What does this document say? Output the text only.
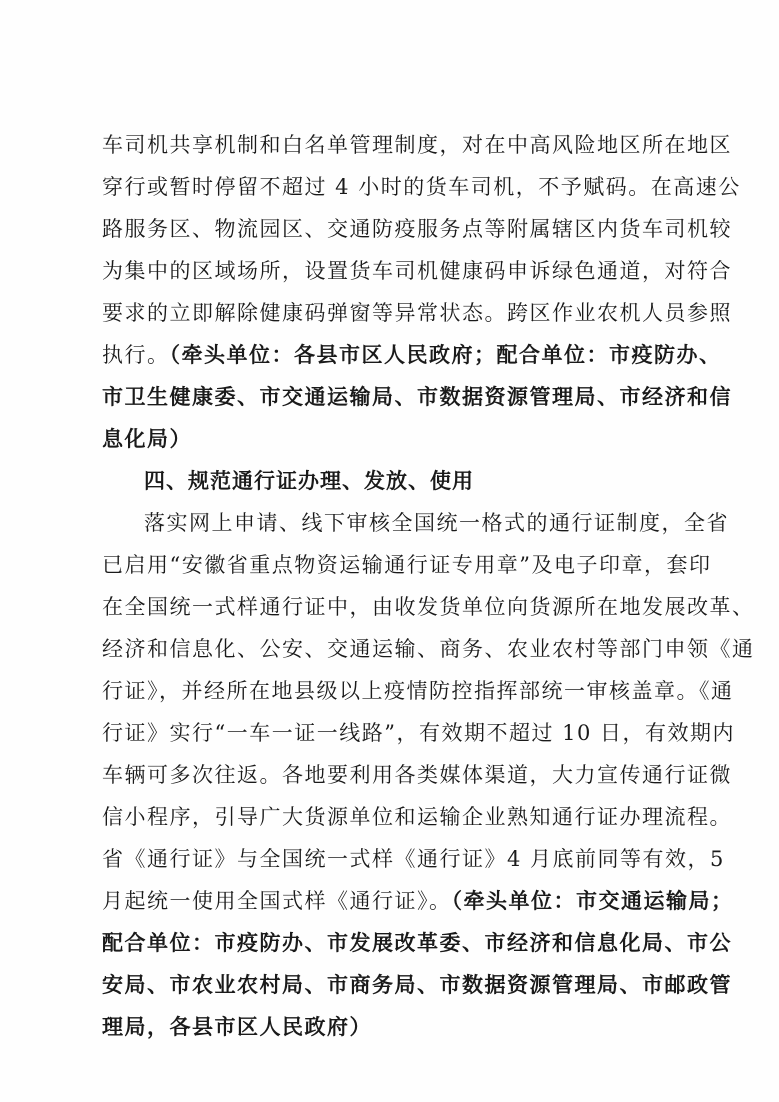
车司机共享机制和白名单管理制度，对在中高风险地区所在地区
穿行或暂时停留不超过 4 小时的货车司机，不予赋码。在高速公
路服务区、物流园区、交通防疫服务点等附属辖区内货车司机较
为集中的区域场所，设置货车司机健康码申诉绿色通道，对符合
要求的立即解除健康码弹窗等异常状态。跨区作业农机人员参照
执行。（牵头单位：各县市区人民政府；配合单位：市疫防办、
市卫生健康委、市交通运输局、市数据资源管理局、市经济和信
息化局）
四、规范通行证办理、发放、使用
落实网上申请、线下审核全国统一格式的通行证制度，全省
已启用“安徽省重点物资运输通行证专用章”及电子印章，套印
在全国统一式样通行证中，由收发货单位向货源所在地发展改革、
经济和信息化、公安、交通运输、商务、农业农村等部门申领《通
行证》，并经所在地县级以上疫情防控指挥部统一审核盖章。《通
行证》实行“一车一证一线路”，有效期不超过 10 日，有效期内
车辆可多次往返。各地要利用各类媒体渠道，大力宣传通行证微
信小程序，引导广大货源单位和运输企业熟知通行证办理流程。
省《通行证》与全国统一式样《通行证》4 月底前同等有效，5
月起统一使用全国式样《通行证》。（牵头单位：市交通运输局；
配合单位：市疫防办、市发展改革委、市经济和信息化局、市公
安局、市农业农村局、市商务局、市数据资源管理局、市邮政管
理局，各县市区人民政府）
